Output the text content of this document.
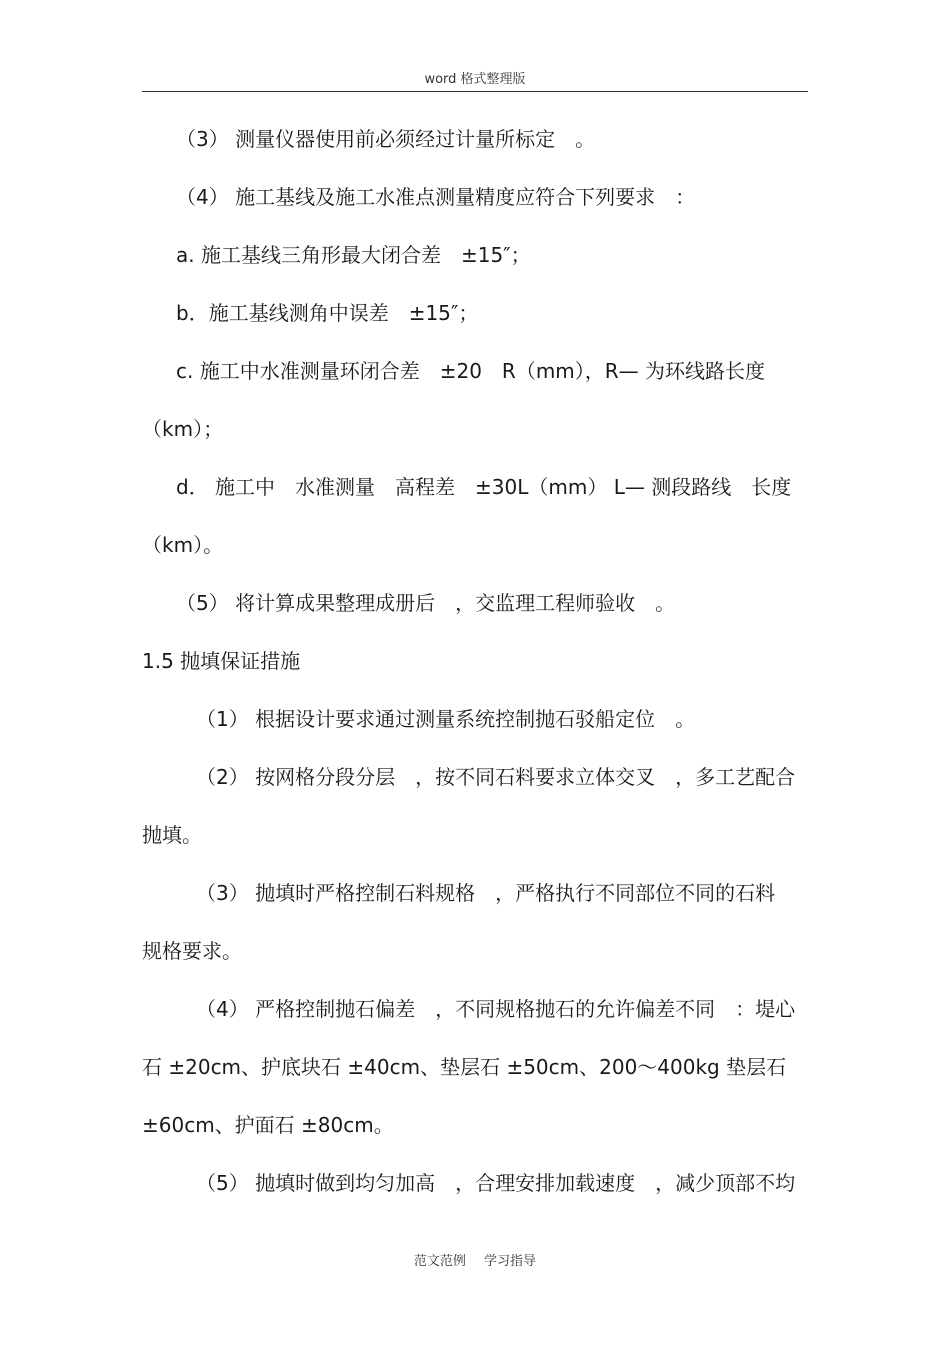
word 格式整理版
（3） 测量仪器使用前必须经过计量所标定　。
（4） 施工基线及施工水准点测量精度应符合下列要求　：
a. 施工基线三角形最大闭合差　±15″；
b．施工基线测角中误差　±15″；
c. 施工中水准测量环闭合差　±20　R（mm），R— 为环线路长度
（km）；
d． 施工中　水准测量　高程差　±30L（mm） L— 测段路线　长度
（km）。
（5） 将计算成果整理成册后　，交监理工程师验收　。
1.5 抛填保证措施
（1） 根据设计要求通过测量系统控制抛石驳船定位　。
（2） 按网格分段分层　，按不同石料要求立体交叉　，多工艺配合
抛填。
（3） 抛填时严格控制石料规格　，严格执行不同部位不同的石料
规格要求。
（4） 严格控制抛石偏差　，不同规格抛石的允许偏差不同　：堤心
石 ±20cm、护底块石 ±40cm、垫层石 ±50cm、200～400kg 垫层石
±60cm、护面石 ±80cm。
（5） 抛填时做到均匀加高　，合理安排加载速度　，减少顶部不均
范文范例 学习指导
